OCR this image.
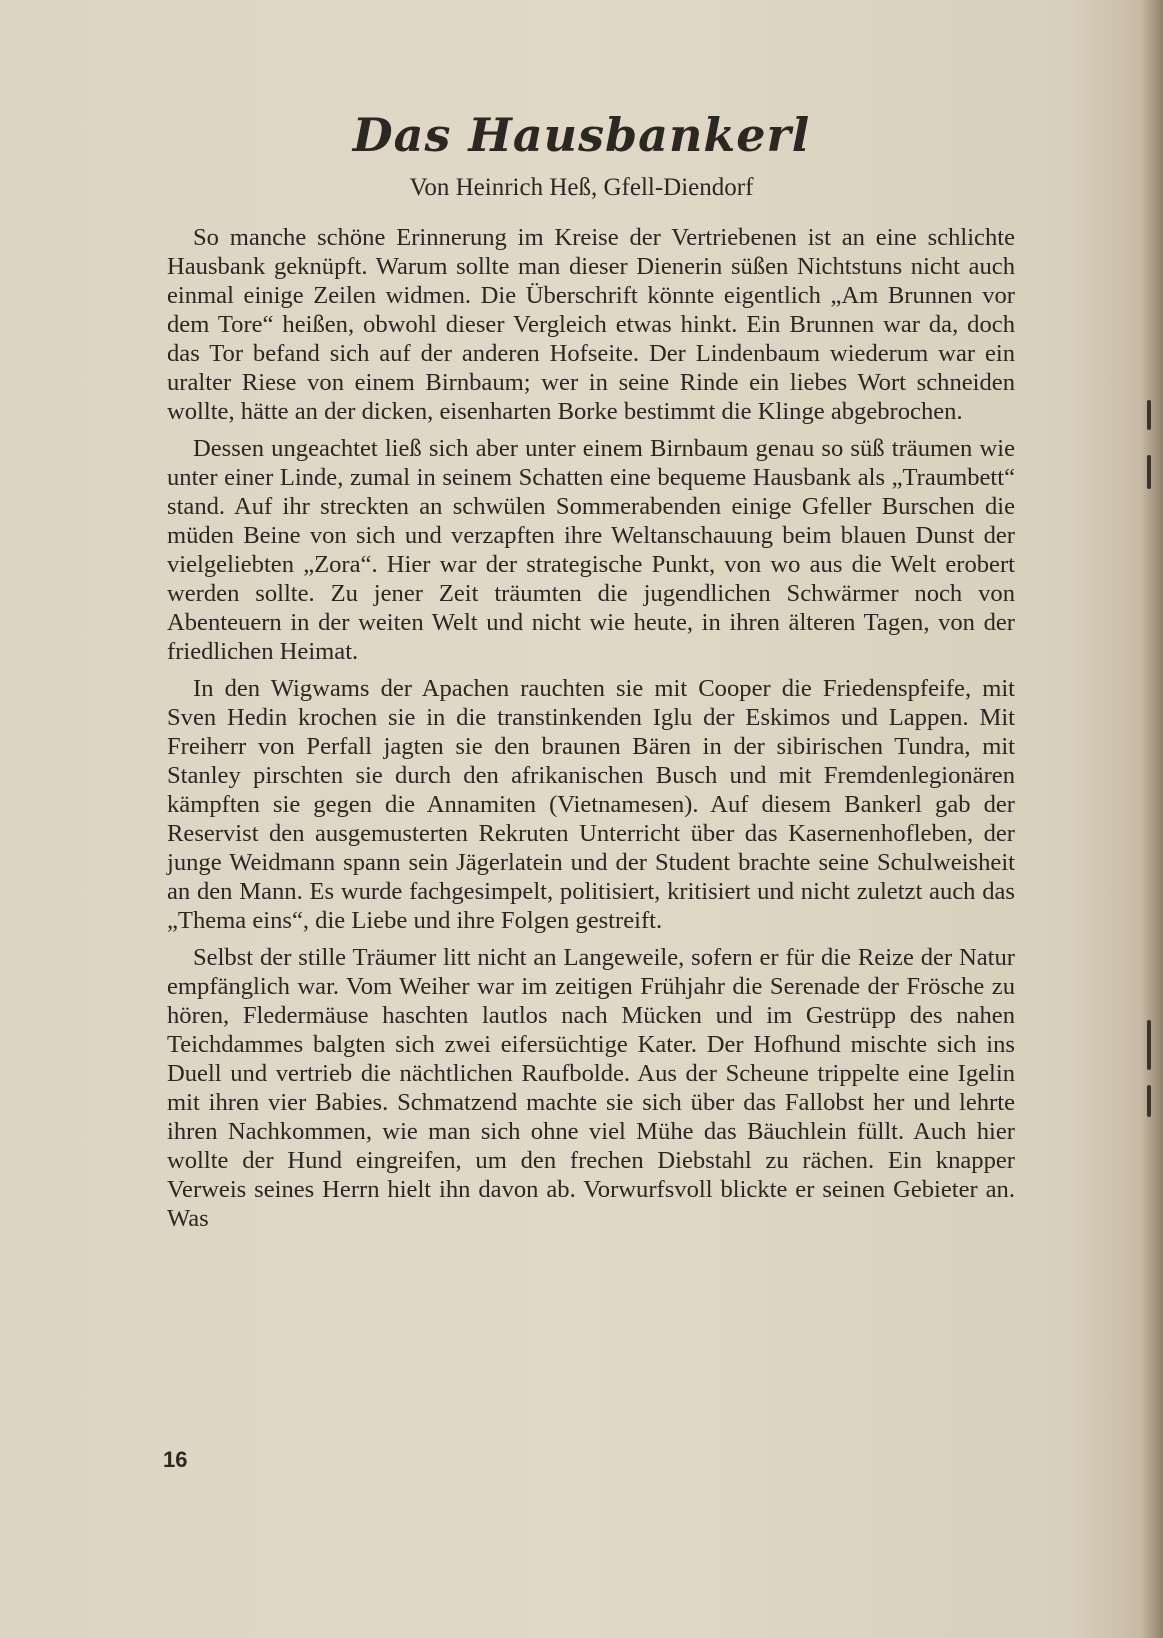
Das Hausbankerl
Von Heinrich Heß, Gfell-Diendorf

So manche schöne Erinnerung im Kreise der Vertriebenen ist an eine schlichte Hausbank geknüpft. Warum sollte man dieser Dienerin süßen Nichtstuns nicht auch einmal einige Zeilen widmen. Die Überschrift könnte eigentlich „Am Brunnen vor dem Tore“ heißen, obwohl dieser Vergleich etwas hinkt. Ein Brunnen war da, doch das Tor befand sich auf der anderen Hofseite. Der Lindenbaum wiederum war ein uralter Riese von einem Birnbaum; wer in seine Rinde ein liebes Wort schneiden wollte, hätte an der dicken, eisenharten Borke bestimmt die Klinge abgebrochen.

Dessen ungeachtet ließ sich aber unter einem Birnbaum genau so süß träumen wie unter einer Linde, zumal in seinem Schatten eine bequeme Hausbank als „Traumbett“ stand. Auf ihr streckten an schwülen Sommerabenden einige Gfeller Burschen die müden Beine von sich und verzapften ihre Weltanschauung beim blauen Dunst der vielgeliebten „Zora“. Hier war der strategische Punkt, von wo aus die Welt erobert werden sollte. Zu jener Zeit träumten die jugendlichen Schwärmer noch von Abenteuern in der weiten Welt und nicht wie heute, in ihren älteren Tagen, von der friedlichen Heimat.

In den Wigwams der Apachen rauchten sie mit Cooper die Friedenspfeife, mit Sven Hedin krochen sie in die transtinkenden Iglu der Eskimos und Lappen. Mit Freiherr von Perfall jagten sie den braunen Bären in der sibirischen Tundra, mit Stanley pirschten sie durch den afrikanischen Busch und mit Fremdenlegionären kämpften sie gegen die Annamiten (Vietnamesen). Auf diesem Bankerl gab der Reservist den ausgemusterten Rekruten Unterricht über das Kasernenhofleben, der junge Weidmann spann sein Jägerlatein und der Student brachte seine Schulweisheit an den Mann. Es wurde fachgesimpelt, politisiert, kritisiert und nicht zuletzt auch das „Thema eins“, die Liebe und ihre Folgen gestreift.

Selbst der stille Träumer litt nicht an Langeweile, sofern er für die Reize der Natur empfänglich war. Vom Weiher war im zeitigen Frühjahr die Serenade der Frösche zu hören, Fledermäuse haschten lautlos nach Mücken und im Gestrüpp des nahen Teichdammes balgten sich zwei eifersüchtige Kater. Der Hofhund mischte sich ins Duell und vertrieb die nächtlichen Raufbolde. Aus der Scheune trippelte eine Igelin mit ihren vier Babies. Schmatzend machte sie sich über das Fallobst her und lehrte ihren Nachkommen, wie man sich ohne viel Mühe das Bäuchlein füllt. Auch hier wollte der Hund eingreifen, um den frechen Diebstahl zu rächen. Ein knapper Verweis seines Herrn hielt ihn davon ab. Vorwurfsvoll blickte er seinen Gebieter an. Was

16
